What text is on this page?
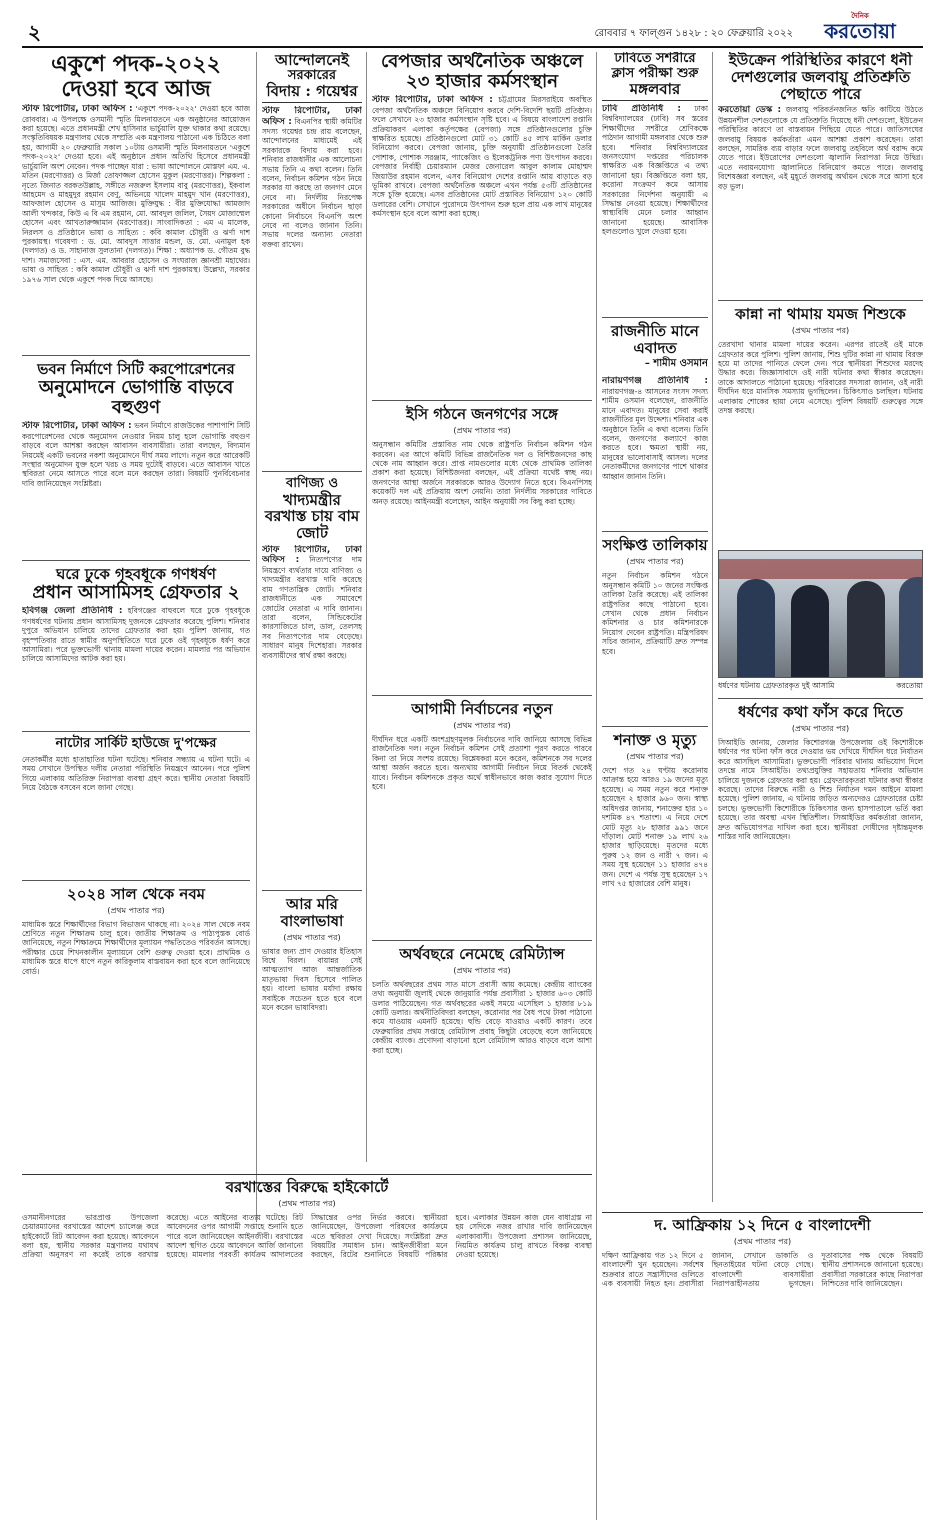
২	রোববার ৭ ফাল্গুন ১৪২৮ : ২০ ফেব্রুয়ারি ২০২২
দৈনিক
করতোয়া
একুশে পদক-২০২২ দেওয়া হবে আজ
স্টাফ রিপোর্টার, ঢাকা অফিস : 'একুশে পদক-২০২২' দেওয়া হবে আজ রোববার। এ উপলক্ষে ওসমানী স্মৃতি মিলনায়তনে এক অনুষ্ঠানের আয়োজন করা হয়েছে। এতে প্রধানমন্ত্রী শেখ হাসিনার ভার্চুয়ালি যুক্ত থাকার কথা রয়েছে। সংস্কৃতিবিষয়ক মন্ত্রণালয় থেকে সম্প্রতি এক মন্ত্রণালয় পাঠানো এক চিঠিতে বলা হয়, আগামী ২০ ফেব্রুয়ারি সকাল ১০টায় ওসমানী স্মৃতি মিলনায়তনে 'একুশে পদক-২০২২' দেওয়া হবে। এই অনুষ্ঠানে প্রধান অতিথি হিসেবে প্রধানমন্ত্রী ভার্চুয়ালি অংশ নেবেন। পদক পাচ্ছেন যারা : ভাষা আন্দোলনে মোস্তফা এম. এ. মতিন (মরণোত্তর) ও মির্জা তোফাজ্জল হোসেন মুকুল (মরণোত্তর)। শিল্পকলা : নৃত্যে জিনাত বরকতউল্লাহ, সঙ্গীতে নজরুল ইসলাম বাবু (মরণোত্তর), ইকবাল আহমেদ ও মাহমুদুর রহমান বেণু, অভিনয়ে খালেদ মাহমুদ খান (মরণোত্তর), আফজাল হোসেন ও মাসুম আজিজ। মুক্তিযুদ্ধ : বীর মুক্তিযোদ্ধা আমজাদ আলী খন্দকার, কিউ এ বি এম রহমান, মো. আবদুল জলিল, সৈয়দ মোজাম্মেল হোসেন এবং আখতারুজ্জামান (মরণোত্তর)। সাংবাদিকতা : এম এ মালেক, নিরলস ও প্রতিষ্ঠানে ভাষা ও সাহিত্য : কবি কামাল চৌধুরী ও ঝর্ণা দাশ পুরকায়স্থ। গবেষণা : ড. মো. আবদুস সাত্তার মন্ডল, ড. মো. এনামুল হক (দলগত) ও ড. সাহানাজ সুলতানা (দলগত)। শিক্ষা : অধ্যাপক ড. গৌতম বুদ্ধ দাশ। সমাজসেবা : এস. এম. আবরার হোসেন ও সংঘরাজ জ্ঞানশ্রী মহাথের। ভাষা ও সাহিত্য : কবি কামাল চৌধুরী ও ঝর্ণা দাশ পুরকায়স্থ। উল্লেখ্য, সরকার ১৯৭৬ সাল থেকে একুশে পদক দিয়ে আসছে।
ভবন নির্মাণে সিটি করপোরেশনের
অনুমোদনে ভোগান্তি বাড়বে বহুগুণ
স্টাফ রিপোর্টার, ঢাকা অফিস : ভবন নির্মাণে রাজউকের পাশাপাশি সিটি করপোরেশনের থেকে অনুমোদন নেওয়ার নিয়ম চালু হলে ভোগান্তি বহুগুণ বাড়বে বলে আশঙ্কা করছেন আবাসন ব্যবসায়ীরা। তারা বলছেন, বিদ্যমান নিয়মেই একটি ভবনের নকশা অনুমোদনে দীর্ঘ সময় লাগে। নতুন করে আরেকটি সংস্থার অনুমোদন যুক্ত হলে খরচ ও সময় দুটোই বাড়বে। এতে আবাসন খাতে স্থবিরতা নেমে আসতে পারে বলে মনে করছেন তারা। বিষয়টি পুনর্বিবেচনার দাবি জানিয়েছেন সংশ্লিষ্টরা।
ঘরে ঢুকে গৃহবধূকে গণধর্ষণ
প্রধান আসামিসহ গ্রেফতার ২
হবিগঞ্জ জেলা প্রতিনিধি : হবিগঞ্জের বাহুবলে ঘরে ঢুকে গৃহবধূকে গণধর্ষণের ঘটনায় প্রধান আসামিসহ দুজনকে গ্রেফতার করেছে পুলিশ। শনিবার দুপুরে অভিযান চালিয়ে তাদের গ্রেফতার করা হয়। পুলিশ জানায়, গত বৃহস্পতিবার রাতে স্বামীর অনুপস্থিতিতে ঘরে ঢুকে ওই গৃহবধূকে ধর্ষণ করে আসামিরা। পরে ভুক্তভোগী থানায় মামলা দায়ের করেন। মামলার পর অভিযান চালিয়ে আসামিদের আটক করা হয়।
নাটোর সার্কিট হাউজে দু'পক্ষের
নেতাকর্মীর মধ্যে হাতাহাতির ঘটনা ঘটেছে। শনিবার সন্ধ্যায় এ ঘটনা ঘটে। এ সময় সেখানে উপস্থিত দলীয় নেতারা পরিস্থিতি নিয়ন্ত্রণে আনেন। পরে পুলিশ গিয়ে এলাকায় অতিরিক্ত নিরাপত্তা ব্যবস্থা গ্রহণ করে। স্থানীয় নেতারা বিষয়টি নিয়ে বৈঠকে বসবেন বলে জানা গেছে।
২০২৪ সাল থেকে নবম
(প্রথম পাতার পর)
মাধ্যমিক স্তরে শিক্ষার্থীদের বিভাগ বিভাজন থাকছে না। ২০২৪ সাল থেকে নবম শ্রেণিতে নতুন শিক্ষাক্রম চালু হবে। জাতীয় শিক্ষাক্রম ও পাঠ্যপুস্তক বোর্ড জানিয়েছে, নতুন শিক্ষাক্রমে শিক্ষার্থীদের মূল্যায়ন পদ্ধতিতেও পরিবর্তন আসছে। পরীক্ষার চেয়ে শিখনকালীন মূল্যায়নে বেশি গুরুত্ব দেওয়া হবে। প্রাথমিক ও মাধ্যমিক স্তরে ধাপে ধাপে নতুন কারিকুলাম বাস্তবায়ন করা হবে বলে জানিয়েছে বোর্ড।
আন্দোলনেই
সরকারের
বিদায় : গয়েশ্বর
স্টাফ রিপোর্টার, ঢাকা অফিস : বিএনপির স্থায়ী কমিটির সদস্য গয়েশ্বর চন্দ্র রায় বলেছেন, আন্দোলনের মাধ্যমেই এই সরকারকে বিদায় করা হবে। শনিবার রাজধানীর এক আলোচনা সভায় তিনি এ কথা বলেন। তিনি বলেন, নির্বাচন কমিশন গঠন নিয়ে সরকার যা করছে তা জনগণ মেনে নেবে না। নির্দলীয় নিরপেক্ষ সরকারের অধীনে নির্বাচন ছাড়া কোনো নির্বাচনে বিএনপি অংশ নেবে না বলেও জানান তিনি। সভায় দলের অন্যান্য নেতারা বক্তব্য রাখেন।
বাণিজ্য ও
খাদ্যমন্ত্রীর বরখাস্ত চায় বাম জোট
স্টাফ রিপোর্টার, ঢাকা অফিস : নিত্যপণ্যের দাম নিয়ন্ত্রণে ব্যর্থতার দায়ে বাণিজ্য ও খাদ্যমন্ত্রীর বরখাস্ত দাবি করেছে বাম গণতান্ত্রিক জোট। শনিবার রাজধানীতে এক সমাবেশে জোটের নেতারা এ দাবি জানান। তারা বলেন, সিন্ডিকেটের কারসাজিতে চাল, ডাল, তেলসহ সব নিত্যপণ্যের দাম বেড়েছে। সাধারণ মানুষ দিশেহারা। সরকার ব্যবসায়ীদের স্বার্থ রক্ষা করছে।
আর মরি বাংলাভাষা
(প্রথম পাতার পর)
ভাষার জন্য প্রাণ দেওয়ার ইতিহাস বিশ্বে বিরল। বায়ান্নর সেই আত্মত্যাগ আজ আন্তর্জাতিক মাতৃভাষা দিবস হিসেবে পালিত হয়। বাংলা ভাষার মর্যাদা রক্ষায় সবাইকে সচেতন হতে হবে বলে মনে করেন ভাষাবিদরা।
বেপজার অর্থনৈতিক অঞ্চলে ২৩ হাজার কর্মসংস্থান
স্টাফ রিপোর্টার, ঢাকা অফিস : চট্টগ্রামের মিরসরাইয়ে অবস্থিত বেপজা অর্থনৈতিক অঞ্চলে বিনিয়োগ করবে দেশি-বিদেশি ছয়টি প্রতিষ্ঠান। ফলে সেখানে ২৩ হাজার কর্মসংস্থান সৃষ্টি হবে। এ বিষয়ে বাংলাদেশ রপ্তানি প্রক্রিয়াকরণ এলাকা কর্তৃপক্ষের (বেপজা) সঙ্গে প্রতিষ্ঠানগুলোর চুক্তি স্বাক্ষরিত হয়েছে। প্রতিষ্ঠানগুলো মোট ৩১ কোটি ৪৫ লাখ মার্কিন ডলার বিনিয়োগ করবে। বেপজা জানায়, চুক্তি অনুযায়ী প্রতিষ্ঠানগুলো তৈরি পোশাক, পোশাক সরঞ্জাম, প্যাকেজিং ও ইলেকট্রনিক পণ্য উৎপাদন করবে। বেপজার নির্বাহী চেয়ারম্যান মেজর জেনারেল আবুল কালাম মোহাম্মদ জিয়াউর রহমান বলেন, এসব বিনিয়োগ দেশের রপ্তানি আয় বাড়াতে বড় ভূমিকা রাখবে। বেপজা অর্থনৈতিক অঞ্চলে এখন পর্যন্ত ৫৩টি প্রতিষ্ঠানের সঙ্গে চুক্তি হয়েছে। এসব প্রতিষ্ঠানের মোট প্রস্তাবিত বিনিয়োগ ১২০ কোটি ডলারের বেশি। সেখানে পুরোদমে উৎপাদন শুরু হলে প্রায় এক লাখ মানুষের কর্মসংস্থান হবে বলে আশা করা হচ্ছে।
ইসি গঠনে জনগণের সঙ্গে
(প্রথম পাতার পর)
অনুসন্ধান কমিটির প্রস্তাবিত নাম থেকে রাষ্ট্রপতি নির্বাচন কমিশন গঠন করবেন। এর আগে কমিটি বিভিন্ন রাজনৈতিক দল ও বিশিষ্টজনদের কাছ থেকে নাম আহ্বান করে। প্রাপ্ত নামগুলোর মধ্যে থেকে প্রাথমিক তালিকা প্রকাশ করা হয়েছে। বিশিষ্টজনরা বলছেন, এই প্রক্রিয়া যথেষ্ট স্বচ্ছ নয়। জনগণের আস্থা অর্জনে সরকারকে আরও উদ্যোগ নিতে হবে। বিএনপিসহ কয়েকটি দল এই প্রক্রিয়ায় অংশ নেয়নি। তারা নির্দলীয় সরকারের দাবিতে অনড় রয়েছে। আইনমন্ত্রী বলেছেন, আইন অনুযায়ী সব কিছু করা হচ্ছে।
আগামী নির্বাচনের নতুন
(প্রথম পাতার পর)
দীর্ঘদিন ধরে একটি অংশগ্রহণমূলক নির্বাচনের দাবি জানিয়ে আসছে বিভিন্ন রাজনৈতিক দল। নতুন নির্বাচন কমিশন সেই প্রত্যাশা পূরণ করতে পারবে কিনা তা নিয়ে সংশয় রয়েছে। বিশ্লেষকরা মনে করেন, কমিশনকে সব দলের আস্থা অর্জন করতে হবে। অন্যথায় আগামী নির্বাচন নিয়ে বিতর্ক থেকেই যাবে। নির্বাচন কমিশনকে প্রকৃত অর্থে স্বাধীনভাবে কাজ করার সুযোগ দিতে হবে।
অর্থবছরে নেমেছে রেমিট্যান্স
(প্রথম পাতার পর)
চলতি অর্থবছরের প্রথম সাত মাসে প্রবাসী আয় কমেছে। কেন্দ্রীয় ব্যাংকের তথ্য অনুযায়ী জুলাই থেকে জানুয়ারি পর্যন্ত প্রবাসীরা ১ হাজার ৬০৩ কোটি ডলার পাঠিয়েছেন। গত অর্থবছরের একই সময়ে এসেছিল ১ হাজার ৮১৯ কোটি ডলার। অর্থনীতিবিদরা বলছেন, করোনার পর বৈধ পথে টাকা পাঠানো কমে যাওয়ায় এমনটি হয়েছে। হুন্ডি বেড়ে যাওয়াও একটি কারণ। তবে ফেব্রুয়ারির প্রথম সপ্তাহে রেমিট্যান্স প্রবাহ কিছুটা বেড়েছে বলে জানিয়েছে কেন্দ্রীয় ব্যাংক। প্রণোদনা বাড়ানো হলে রেমিট্যান্স আরও বাড়বে বলে আশা করা হচ্ছে।
ঢাবিতে সশরীরে
ক্লাস পরীক্ষা শুরু
মঙ্গলবার
ঢাবি প্রতিনিধি : ঢাকা বিশ্ববিদ্যালয়ের (ঢাবি) সব স্তরের শিক্ষার্থীদের সশরীরে শ্রেণিকক্ষে পাঠদান আগামী মঙ্গলবার থেকে শুরু হবে। শনিবার বিশ্ববিদ্যালয়ের জনসংযোগ দপ্তরের পরিচালক স্বাক্ষরিত এক বিজ্ঞপ্তিতে এ তথ্য জানানো হয়। বিজ্ঞপ্তিতে বলা হয়, করোনা সংক্রমণ কমে আসায় সরকারের নির্দেশনা অনুযায়ী এ সিদ্ধান্ত নেওয়া হয়েছে। শিক্ষার্থীদের স্বাস্থ্যবিধি মেনে চলার আহ্বান জানানো হয়েছে। আবাসিক হলগুলোও খুলে দেওয়া হবে।
রাজনীতি মানে এবাদত
– শামীম ওসমান
নারায়ণগঞ্জ প্রতিনিধি : নারায়ণগঞ্জ-৪ আসনের সংসদ সদস্য শামীম ওসমান বলেছেন, রাজনীতি মানে এবাদত। মানুষের সেবা করাই রাজনীতির মূল উদ্দেশ্য। শনিবার এক অনুষ্ঠানে তিনি এ কথা বলেন। তিনি বলেন, জনগণের কল্যাণে কাজ করতে হবে। ক্ষমতা স্থায়ী নয়, মানুষের ভালোবাসাই আসল। দলের নেতাকর্মীদের জনগণের পাশে থাকার আহ্বান জানান তিনি।
সংক্ষিপ্ত তালিকায়
(প্রথম পাতার পর)
নতুন নির্বাচন কমিশন গঠনে অনুসন্ধান কমিটি ১০ জনের সংক্ষিপ্ত তালিকা তৈরি করেছে। এই তালিকা রাষ্ট্রপতির কাছে পাঠানো হবে। সেখান থেকে প্রধান নির্বাচন কমিশনার ও চার কমিশনারকে নিয়োগ দেবেন রাষ্ট্রপতি। মন্ত্রিপরিষদ সচিব জানান, প্রক্রিয়াটি দ্রুত সম্পন্ন হবে।
শনাক্ত ও মৃত্যু
(প্রথম পাতার পর)
দেশে গত ২৪ ঘণ্টায় করোনায় আক্রান্ত হয়ে আরও ১৯ জনের মৃত্যু হয়েছে। এ সময় নতুন করে শনাক্ত হয়েছেন ২ হাজার ৯৬০ জন। স্বাস্থ্য অধিদপ্তর জানায়, শনাক্তের হার ১০ দশমিক ৪৭ শতাংশ। এ নিয়ে দেশে মোট মৃত্যু ২৮ হাজার ৯৯১ জনে দাঁড়াল। মোট শনাক্ত ১৯ লাখ ২৬ হাজার ছাড়িয়েছে। মৃতদের মধ্যে পুরুষ ১২ জন ও নারী ৭ জন। এ সময় সুস্থ হয়েছেন ১১ হাজার ৪৭৪ জন। দেশে এ পর্যন্ত সুস্থ হয়েছেন ১৭ লাখ ৭৫ হাজারের বেশি মানুষ।
ইউক্রেন পরিস্থিতির কারণে ধনী দেশগুলোর জলবায়ু প্রতিশ্রুতি পেছাতে পারে
করতোয়া ডেস্ক : জলবায়ু পরিবর্তনজনিত ক্ষতি কাটিয়ে উঠতে উন্নয়নশীল দেশগুলোকে যে প্রতিশ্রুতি দিয়েছে ধনী দেশগুলো, ইউক্রেন পরিস্থিতির কারণে তা বাস্তবায়ন পিছিয়ে যেতে পারে। জাতিসংঘের জলবায়ু বিষয়ক কর্মকর্তারা এমন আশঙ্কা প্রকাশ করেছেন। তারা বলছেন, সামরিক ব্যয় বাড়ার ফলে জলবায়ু তহবিলে অর্থ বরাদ্দ কমে যেতে পারে। ইউরোপের দেশগুলো জ্বালানি নিরাপত্তা নিয়ে উদ্বিগ্ন। এতে নবায়নযোগ্য জ্বালানিতে বিনিয়োগ কমতে পারে। জলবায়ু বিশেষজ্ঞরা বলছেন, এই মুহূর্তে জলবায়ু অর্থায়ন থেকে সরে আসা হবে বড় ভুল।
কান্না না থামায় যমজ শিশুকে
(প্রথম পাতার পর)
তেরখাদা থানার মামলা দায়ের করেন। এরপর রাতেই ওই মাকে গ্রেফতার করে পুলিশ। পুলিশ জানায়, শিশু দুটির কান্না না থামায় বিরক্ত হয়ে মা তাদের পানিতে ফেলে দেন। পরে স্থানীয়রা শিশুদের মরদেহ উদ্ধার করে। জিজ্ঞাসাবাদে ওই নারী ঘটনার কথা স্বীকার করেছেন। তাকে আদালতে পাঠানো হয়েছে। পরিবারের সদস্যরা জানান, ওই নারী দীর্ঘদিন ধরে মানসিক সমস্যায় ভুগছিলেন। চিকিৎসাও চলছিল। ঘটনায় এলাকায় শোকের ছায়া নেমে এসেছে। পুলিশ বিষয়টি গুরুত্বের সঙ্গে তদন্ত করছে।
ধর্ষণের ঘটনায় গ্রেফতারকৃত দুই আসামি	করতোয়া
ধর্ষণের কথা ফাঁস করে দিতে
(প্রথম পাতার পর)
সিআইডি জানায়, জেলার কিশোরগঞ্জ উপজেলায় ওই কিশোরীকে ধর্ষণের পর ঘটনা ফাঁস করে দেওয়ার ভয় দেখিয়ে দীর্ঘদিন ধরে নির্যাতন করে আসছিল আসামিরা। ভুক্তভোগী পরিবার থানায় অভিযোগ দিলে তদন্তে নামে সিআইডি। তথ্যপ্রযুক্তির সহায়তায় শনিবার অভিযান চালিয়ে দুজনকে গ্রেফতার করা হয়। গ্রেফতারকৃতরা ঘটনার কথা স্বীকার করেছে। তাদের বিরুদ্ধে নারী ও শিশু নির্যাতন দমন আইনে মামলা হয়েছে। পুলিশ জানায়, এ ঘটনায় জড়িত অন্যদেরও গ্রেফতারের চেষ্টা চলছে। ভুক্তভোগী কিশোরীকে চিকিৎসার জন্য হাসপাতালে ভর্তি করা হয়েছে। তার অবস্থা এখন স্থিতিশীল। সিআইডির কর্মকর্তারা জানান, দ্রুত অভিযোগপত্র দাখিল করা হবে। স্থানীয়রা দোষীদের দৃষ্টান্তমূলক শাস্তির দাবি জানিয়েছেন।
বরখাস্তের বিরুদ্ধে হাইকোর্টে
(প্রথম পাতার পর)
ওসমানীনগরের ভারপ্রাপ্ত উপজেলা চেয়ারম্যানের বরখাস্তের আদেশ চ্যালেঞ্জ করে হাইকোর্টে রিট আবেদন করা হয়েছে। আবেদনে বলা হয়, স্থানীয় সরকার মন্ত্রণালয় যথাযথ প্রক্রিয়া অনুসরণ না করেই তাকে বরখাস্ত করেছে। এতে আইনের ব্যত্যয় ঘটেছে। রিট আবেদনের ওপর আগামী সপ্তাহে শুনানি হতে পারে বলে জানিয়েছেন আইনজীবী। বরখাস্তের আদেশ স্থগিত চেয়ে আবেদনে আর্জি জানানো হয়েছে। মামলার পরবর্তী কার্যক্রম আদালতের সিদ্ধান্তের ওপর নির্ভর করবে। স্থানীয়রা জানিয়েছেন, উপজেলা পরিষদের কার্যক্রমে এতে স্থবিরতা দেখা দিয়েছে। সংশ্লিষ্টরা দ্রুত বিষয়টির সমাধান চান। আইনজীবীরা মনে করছেন, রিটের শুনানিতে বিষয়টি পরিষ্কার হবে। এলাকার উন্নয়ন কাজ যেন বাধাগ্রস্ত না হয় সেদিকে নজর রাখার দাবি জানিয়েছেন এলাকাবাসী। উপজেলা প্রশাসন জানিয়েছে, নিয়মিত কার্যক্রম চালু রাখতে বিকল্প ব্যবস্থা নেওয়া হয়েছে।
দ. আফ্রিকায় ১২ দিনে ৫ বাংলাদেশী
(প্রথম পাতার পর)
দক্ষিণ আফ্রিকায় গত ১২ দিনে ৫ বাংলাদেশী খুন হয়েছেন। সর্বশেষ শুক্রবার রাতে সন্ত্রাসীদের গুলিতে এক ব্যবসায়ী নিহত হন। প্রবাসীরা জানান, সেখানে ডাকাতি ও ছিনতাইয়ের ঘটনা বেড়ে গেছে। বাংলাদেশী ব্যবসায়ীরা নিরাপত্তাহীনতায় ভুগছেন। দূতাবাসের পক্ষ থেকে বিষয়টি স্থানীয় প্রশাসনকে জানানো হয়েছে। প্রবাসীরা সরকারের কাছে নিরাপত্তা নিশ্চিতের দাবি জানিয়েছেন।
